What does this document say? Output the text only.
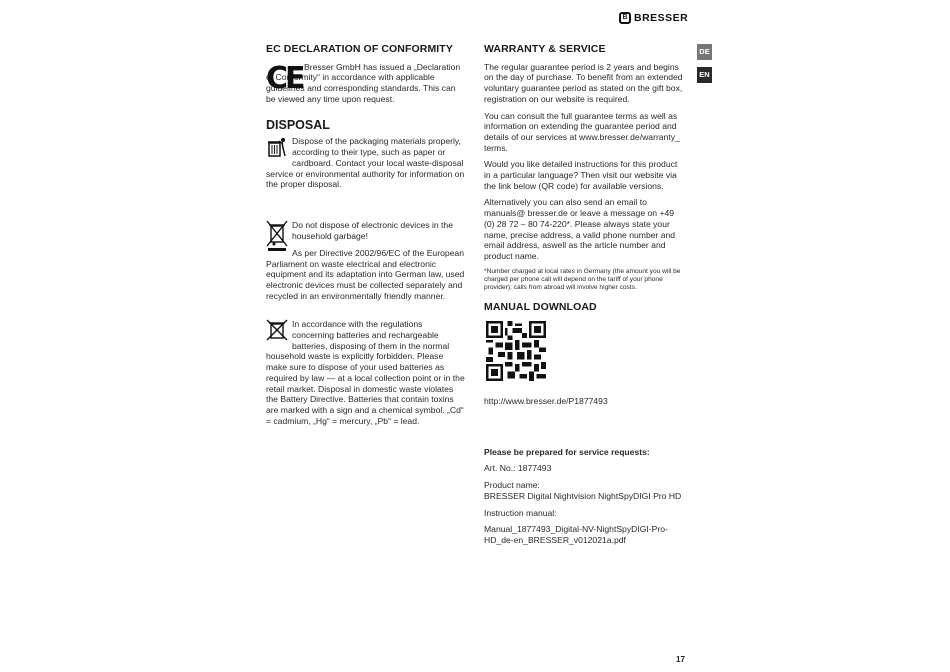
B BRESSER
DE
EN
EC DECLARATION OF CONFORMITY
CE Bresser GmbH has issued a „Declaration of Conformity“ in accordance with applicable guidelines and corresponding standards. This can be viewed any time upon request.

DISPOSAL

Dispose of the packaging materials properly, according to their type, such as paper or cardboard. Contact your local waste-disposal service or environmental authority for information on the proper disposal.

Do not dispose of electronic devices in the household garbage!

As per Directive 2002/96/EC of the European Parliament on waste electrical and electronic equipment and its adaptation into German law, used electronic devices must be collected separately and recycled in an environmentally friendly manner.

In accordance with the regulations concerning batteries and rechargeable batteries, disposing of them in the normal household waste is explicitly forbidden. Please make sure to dispose of your used batteries as required by law — at a local collection point or in the retail market. Disposal in domestic waste violates the Battery Directive. Batteries that contain toxins are marked with a sign and a chemical symbol. „Cd“ = cadmium, „Hg“ = mercury, „Pb“ = lead.

WARRANTY & SERVICE

The regular guarantee period is 2 years and begins on the day of purchase. To benefit from an extended voluntary guarantee period as stated on the gift box, registration on our website is required.

You can consult the full guarantee terms as well as information on extending the guarantee period and details of our services at www.bresser.de/warranty_ terms.

Would you like detailed instructions for this product in a particular language? Then visit our website via the link below (QR code) for available versions.

Alternatively you can also send an email to manuals@ bresser.de or leave a message on +49 (0) 28 72 – 80 74-220*. Please always state your name, precise address, a valid phone number and email address, aswell as the article number and product name.

*Number charged at local rates in Germany (the amount you will be charged per phone call will depend on the tariff of your phone provider); calls from abroad will involve higher costs.

MANUAL DOWNLOAD

http://www.bresser.de/P1877493

Please be prepared for service requests:

Art. No.: 1877493

Product name:

BRESSER Digital Nightvision NightSpyDIGI Pro HD

Instruction manual:

Manual_1877493_Digital-NV-NightSpyDIGI-Pro-HD_de-en_BRESSER_v012021a.pdf

17
